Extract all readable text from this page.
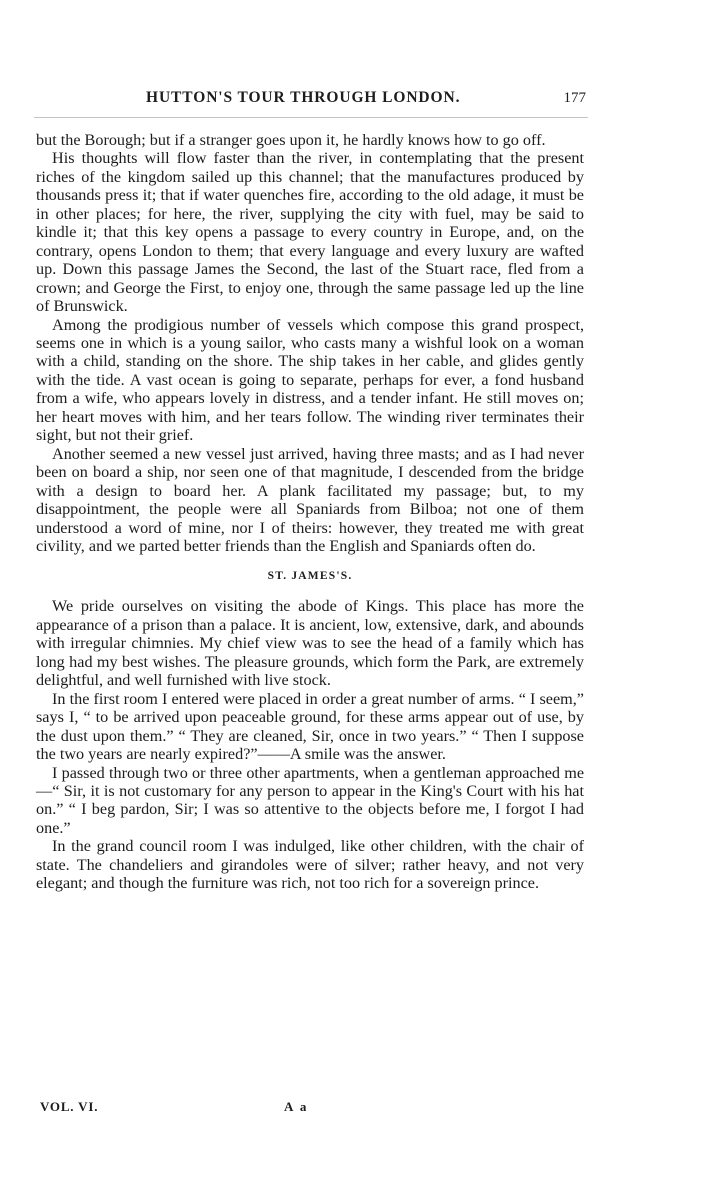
HUTTON'S TOUR THROUGH LONDON.	177

but the Borough; but if a stranger goes upon it, he hardly knows how to go off.

His thoughts will flow faster than the river, in contemplating that the present riches of the kingdom sailed up this channel; that the manufactures produced by thousands press it; that if water quenches fire, according to the old adage, it must be in other places; for here, the river, supplying the city with fuel, may be said to kindle it; that this key opens a passage to every country in Europe, and, on the contrary, opens London to them; that every language and every luxury are wafted up. Down this passage James the Second, the last of the Stuart race, fled from a crown; and George the First, to enjoy one, through the same passage led up the line of Brunswick.

Among the prodigious number of vessels which compose this grand prospect, seems one in which is a young sailor, who casts many a wishful look on a woman with a child, standing on the shore. The ship takes in her cable, and glides gently with the tide. A vast ocean is going to separate, perhaps for ever, a fond husband from a wife, who appears lovely in distress, and a tender infant. He still moves on; her heart moves with him, and her tears follow. The winding river terminates their sight, but not their grief.

Another seemed a new vessel just arrived, having three masts; and as I had never been on board a ship, nor seen one of that magnitude, I descended from the bridge with a design to board her. A plank facilitated my passage; but, to my disappointment, the people were all Spaniards from Bilboa; not one of them understood a word of mine, nor I of theirs: however, they treated me with great civility, and we parted better friends than the English and Spaniards often do.

ST. JAMES'S.

We pride ourselves on visiting the abode of Kings. This place has more the appearance of a prison than a palace. It is ancient, low, extensive, dark, and abounds with irregular chimnies. My chief view was to see the head of a family which has long had my best wishes. The pleasure grounds, which form the Park, are extremely delightful, and well furnished with live stock.

In the first room I entered were placed in order a great number of arms. “ I seem,” says I, “ to be arrived upon peaceable ground, for these arms appear out of use, by the dust upon them.” “ They are cleaned, Sir, once in two years.” “ Then I suppose the two years are nearly expired?”——A smile was the answer.

I passed through two or three other apartments, when a gentleman approached me—“ Sir, it is not customary for any person to appear in the King's Court with his hat on.” “ I beg pardon, Sir; I was so attentive to the objects before me, I forgot I had one.”

In the grand council room I was indulged, like other children, with the chair of state. The chandeliers and girandoles were of silver; rather heavy, and not very elegant; and though the furniture was rich, not too rich for a sovereign prince.

VOL. VI.	A a
